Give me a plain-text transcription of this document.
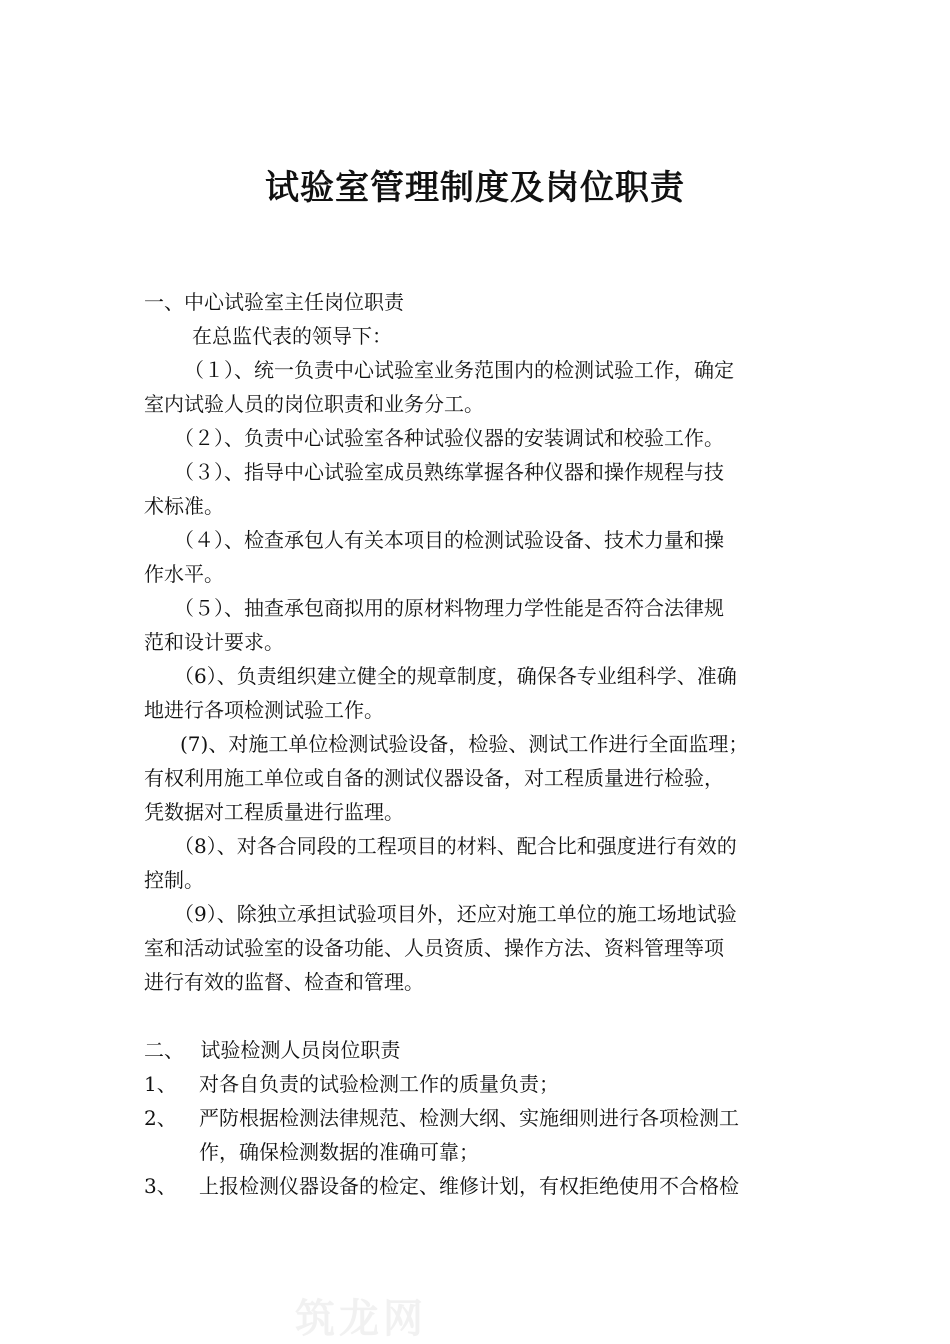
试验室管理制度及岗位职责
一、中心试验室主任岗位职责
在总监代表的领导下：
（１）、统一负责中心试验室业务范围内的检测试验工作，确定
室内试验人员的岗位职责和业务分工。
（２）、负责中心试验室各种试验仪器的安装调试和校验工作。
（３）、指导中心试验室成员熟练掌握各种仪器和操作规程与技
术标准。
（４）、检查承包人有关本项目的检测试验设备、技术力量和操
作水平。
（５）、抽查承包商拟用的原材料物理力学性能是否符合法律规
范和设计要求。
（6）、负责组织建立健全的规章制度，确保各专业组科学、准确
地进行各项检测试验工作。
(7)、对施工单位检测试验设备，检验、测试工作进行全面监理；
有权利用施工单位或自备的测试仪器设备，对工程质量进行检验，
凭数据对工程质量进行监理。
（8）、对各合同段的工程项目的材料、配合比和强度进行有效的
控制。
（9）、除独立承担试验项目外，还应对施工单位的施工场地试验
室和活动试验室的设备功能、人员资质、操作方法、资料管理等项
进行有效的监督、检查和管理。
二、 试验检测人员岗位职责
1、	对各自负责的试验检测工作的质量负责；
2、	严防根据检测法律规范、检测大纲、实施细则进行各项检测工
作，确保检测数据的准确可靠；
3、	上报检测仪器设备的检定、维修计划，有权拒绝使用不合格检
筑龙网
